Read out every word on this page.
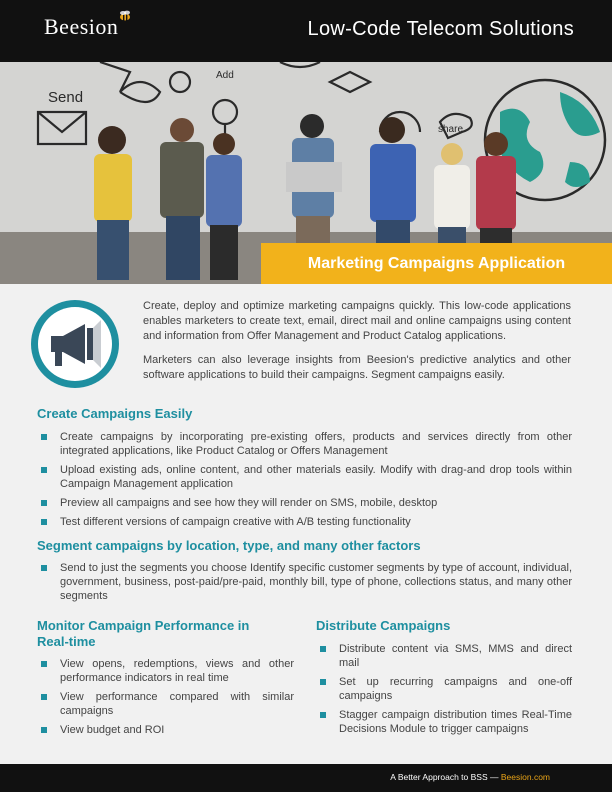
Beesion	Low-Code Telecom Solutions
Send
Add
share
Marketing Campaigns Application

Create, deploy and optimize marketing campaigns quickly. This low-code applications enables marketers to create text, email, direct mail and online campaigns using content and information from Offer Management and Product Catalog applications.

Marketers can also leverage insights from Beesion's predictive analytics and other software applications to build their campaigns. Segment campaigns easily.

Create Campaigns Easily
Create campaigns by incorporating pre-existing offers, products and services directly from other integrated applications, like Product Catalog or Offers Management
Upload existing ads, online content, and other materials easily. Modify with drag-and drop tools within Campaign Management application
Preview all campaigns and see how they will render on SMS, mobile, desktop
Test different versions of campaign creative with A/B testing functionality
Segment campaigns by location, type, and many other factors
Send to just the segments you choose Identify specific customer segments by type of account, individual, government, business, post-paid/pre-paid, monthly bill, type of phone, collections status, and many other segments
Monitor Campaign Performance in
Real-time
View opens, redemptions, views and other performance indicators in real time
View performance compared with similar campaigns
View budget and ROI
Distribute Campaigns
Distribute content via SMS, MMS and direct mail
Set up recurring campaigns and one-off campaigns
Stagger campaign distribution times Real-Time Decisions Module to trigger campaigns
A Better Approach to BSS — Beesion.com
